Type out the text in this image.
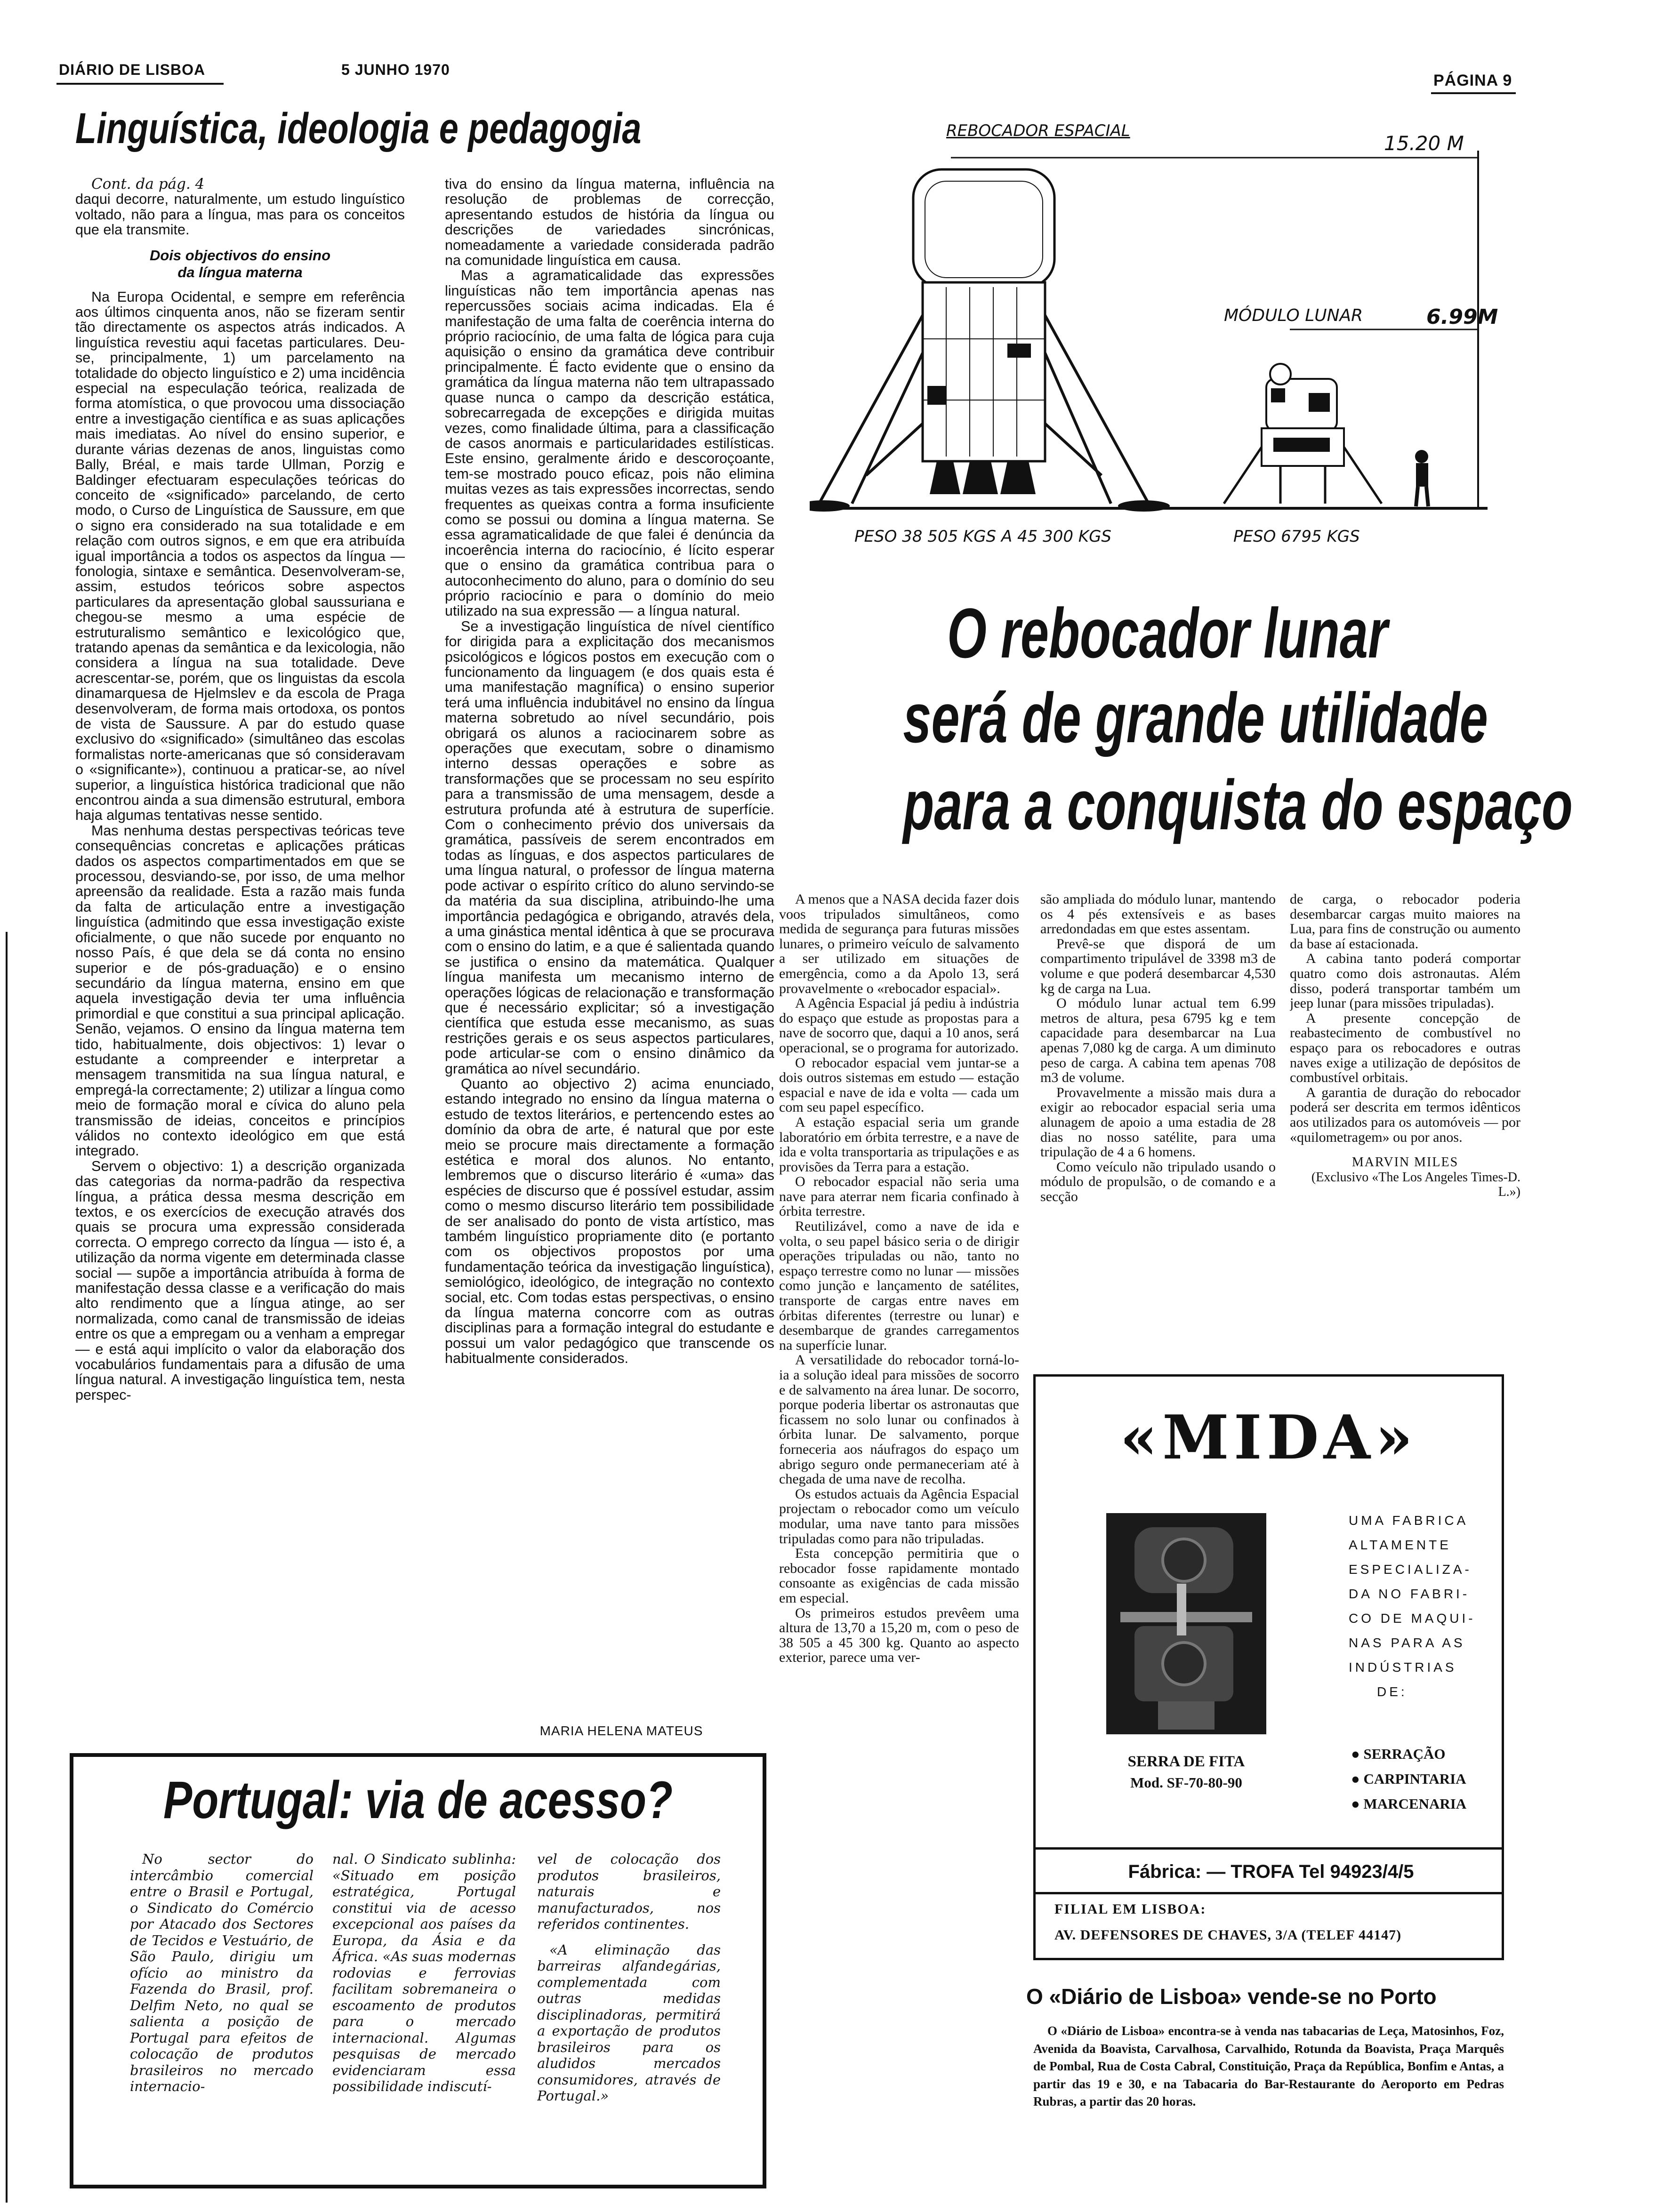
DIÁRIO DE LISBOA	5 JUNHO 1970
PÁGINA 9
Linguística, ideologia e pedagogia

Cont. da pág. 4

daqui decorre, naturalmente, um estudo linguístico voltado, não para a língua, mas para os conceitos que ela transmite.

Dois objectivos do ensino
da língua materna

Na Europa Ocidental, e sempre em referência aos últimos cinquenta anos, não se fizeram sentir tão directamente os aspectos atrás indicados. A linguística revestiu aqui facetas particulares. Deu-se, principalmente, 1) um parcelamento na totalidade do objecto linguístico e 2) uma incidência especial na especulação teórica, realizada de forma atomística, o que provocou uma dissociação entre a investigação científica e as suas aplicações mais imediatas. Ao nível do ensino superior, e durante várias dezenas de anos, linguistas como Bally, Bréal, e mais tarde Ullman, Porzig e Baldinger efectuaram especulações teóricas do conceito de «significado» parcelando, de certo modo, o Curso de Linguística de Saussure, em que o signo era considerado na sua totalidade e em relação com outros signos, e em que era atribuída igual importância a todos os aspectos da língua — fonologia, sintaxe e semântica. Desenvolveram-se, assim, estudos teóricos sobre aspectos particulares da apresentação global saussuriana e chegou-se mesmo a uma espécie de estruturalismo semântico e lexicológico que, tratando apenas da semântica e da lexicologia, não considera a língua na sua totalidade. Deve acrescentar-se, porém, que os linguistas da escola dinamarquesa de Hjelmslev e da escola de Praga desenvolveram, de forma mais ortodoxa, os pontos de vista de Saussure. A par do estudo quase exclusivo do «significado» (simultâneo das escolas formalistas norte-americanas que só consideravam o «significante»), continuou a praticar-se, ao nível superior, a linguística histórica tradicional que não encontrou ainda a sua dimensão estrutural, embora haja algumas tentativas nesse sentido.

Mas nenhuma destas perspectivas teóricas teve consequências concretas e aplicações práticas dados os aspectos compartimentados em que se processou, desviando-se, por isso, de uma melhor apreensão da realidade. Esta a razão mais funda da falta de articulação entre a investigação linguística (admitindo que essa investigação existe oficialmente, o que não sucede por enquanto no nosso País, é que dela se dá conta no ensino superior e de pós-graduação) e o ensino secundário da língua materna, ensino em que aquela investigação devia ter uma influência primordial e que constitui a sua principal aplicação. Senão, vejamos. O ensino da língua materna tem tido, habitualmente, dois objectivos: 1) levar o estudante a compreender e interpretar a mensagem transmitida na sua língua natural, e empregá-la correctamente; 2) utilizar a língua como meio de formação moral e cívica do aluno pela transmissão de ideias, conceitos e princípios válidos no contexto ideológico em que está integrado.

Servem o objectivo: 1) a descrição organizada das categorias da norma-padrão da respectiva língua, a prática dessa mesma descrição em textos, e os exercícios de execução através dos quais se procura uma expressão considerada correcta. O emprego correcto da língua — isto é, a utilização da norma vigente em determinada classe social — supõe a importância atribuída à forma de manifestação dessa classe e a verificação do mais alto rendimento que a língua atinge, ao ser normalizada, como canal de transmissão de ideias entre os que a empregam ou a venham a empregar — e está aqui implícito o valor da elaboração dos vocabulários fundamentais para a difusão de uma língua natural. A investigação linguística tem, nesta perspec-

tiva do ensino da língua materna, influência na resolução de problemas de correcção, apresentando estudos de história da língua ou descrições de variedades sincrónicas, nomeadamente a variedade considerada padrão na comunidade linguística em causa.

Mas a agramaticalidade das expressões linguísticas não tem importância apenas nas repercussões sociais acima indicadas. Ela é manifestação de uma falta de coerência interna do próprio raciocínio, de uma falta de lógica para cuja aquisição o ensino da gramática deve contribuir principalmente. É facto evidente que o ensino da gramática da língua materna não tem ultrapassado quase nunca o campo da descrição estática, sobrecarregada de excepções e dirigida muitas vezes, como finalidade última, para a classificação de casos anormais e particularidades estilísticas. Este ensino, geralmente árido e descoroçoante, tem-se mostrado pouco eficaz, pois não elimina muitas vezes as tais expressões incorrectas, sendo frequentes as queixas contra a forma insuficiente como se possui ou domina a língua materna. Se essa agramaticalidade de que falei é denúncia da incoerência interna do raciocínio, é lícito esperar que o ensino da gramática contribua para o autoconhecimento do aluno, para o domínio do seu próprio raciocínio e para o domínio do meio utilizado na sua expressão — a língua natural.

Se a investigação linguística de nível científico for dirigida para a explicitação dos mecanismos psicológicos e lógicos postos em execução com o funcionamento da linguagem (e dos quais esta é uma manifestação magnífica) o ensino superior terá uma influência indubitável no ensino da língua materna sobretudo ao nível secundário, pois obrigará os alunos a raciocinarem sobre as operações que executam, sobre o dinamismo interno dessas operações e sobre as transformações que se processam no seu espírito para a transmissão de uma mensagem, desde a estrutura profunda até à estrutura de superfície. Com o conhecimento prévio dos universais da gramática, passíveis de serem encontrados em todas as línguas, e dos aspectos particulares de uma língua natural, o professor de língua materna pode activar o espírito crítico do aluno servindo-se da matéria da sua disciplina, atribuindo-lhe uma importância pedagógica e obrigando, através dela, a uma ginástica mental idêntica à que se procurava com o ensino do latim, e a que é salientada quando se justifica o ensino da matemática. Qualquer língua manifesta um mecanismo interno de operações lógicas de relacionação e transformação que é necessário explicitar; só a investigação científica que estuda esse mecanismo, as suas restrições gerais e os seus aspectos particulares, pode articular-se com o ensino dinâmico da gramática ao nível secundário.

Quanto ao objectivo 2) acima enunciado, estando integrado no ensino da língua materna o estudo de textos literários, e pertencendo estes ao domínio da obra de arte, é natural que por este meio se procure mais directamente a formação estética e moral dos alunos. No entanto, lembremos que o discurso literário é «uma» das espécies de discurso que é possível estudar, assim como o mesmo discurso literário tem possibilidade de ser analisado do ponto de vista artístico, mas também linguístico propriamente dito (e portanto com os objectivos propostos por uma fundamentação teórica da investigação linguística), semiológico, ideológico, de integração no contexto social, etc. Com todas estas perspectivas, o ensino da língua materna concorre com as outras disciplinas para a formação integral do estudante e possui um valor pedagógico que transcende os habitualmente considerados.

MARIA HELENA MATEUS
REBOCADOR ESPACIAL
15.20 M
MÓDULO LUNAR	6.99M
PESO 38 505 KGS A 45 300 KGS	PESO 6795 KGS
O rebocador lunar
será de grande utilidade
para a conquista do espaço

A menos que a NASA decida fazer dois voos tripulados simultâneos, como medida de segurança para futuras missões lunares, o primeiro veículo de salvamento a ser utilizado em situações de emergência, como a da Apolo 13, será provavelmente o «rebocador espacial».

A Agência Espacial já pediu à indústria do espaço que estude as propostas para a nave de socorro que, daqui a 10 anos, será operacional, se o programa for autorizado.

O rebocador espacial vem juntar-se a dois outros sistemas em estudo — estação espacial e nave de ida e volta — cada um com seu papel específico.

A estação espacial seria um grande laboratório em órbita terrestre, e a nave de ida e volta transportaria as tripulações e as provisões da Terra para a estação.

O rebocador espacial não seria uma nave para aterrar nem ficaria confinado à órbita terrestre.

Reutilizável, como a nave de ida e volta, o seu papel básico seria o de dirigir operações tripuladas ou não, tanto no espaço terrestre como no lunar — missões como junção e lançamento de satélites, transporte de cargas entre naves em órbitas diferentes (terrestre ou lunar) e desembarque de grandes carregamentos na superfície lunar.

A versatilidade do rebocador torná-lo-ia a solução ideal para missões de socorro e de salvamento na área lunar. De socorro, porque poderia libertar os astronautas que ficassem no solo lunar ou confinados à órbita lunar. De salvamento, porque forneceria aos náufragos do espaço um abrigo seguro onde permaneceriam até à chegada de uma nave de recolha.

Os estudos actuais da Agência Espacial projectam o rebocador como um veículo modular, uma nave tanto para missões tripuladas como para não tripuladas.

Esta concepção permitiria que o rebocador fosse rapidamente montado consoante as exigências de cada missão em especial.

Os primeiros estudos prevêem uma altura de 13,70 a 15,20 m, com o peso de 38 505 a 45 300 kg. Quanto ao aspecto exterior, parece uma ver-

são ampliada do módulo lunar, mantendo os 4 pés extensíveis e as bases arredondadas em que estes assentam.

Prevê-se que disporá de um compartimento tripulável de 3398 m3 de volume e que poderá desembarcar 4,530 kg de carga na Lua.

O módulo lunar actual tem 6.99 metros de altura, pesa 6795 kg e tem capacidade para desembarcar na Lua apenas 7,080 kg de carga. A um diminuto peso de carga. A cabina tem apenas 708 m3 de volume.

Provavelmente a missão mais dura a exigir ao rebocador espacial seria uma alunagem de apoio a uma estadia de 28 dias no nosso satélite, para uma tripulação de 4 a 6 homens.

Como veículo não tripulado usando o módulo de propulsão, o de comando e a secção

de carga, o rebocador poderia desembarcar cargas muito maiores na Lua, para fins de construção ou aumento da base aí estacionada.

A cabina tanto poderá comportar quatro como dois astronautas. Além disso, poderá transportar também um jeep lunar (para missões tripuladas).

A presente concepção de reabastecimento de combustível no espaço para os rebocadores e outras naves exige a utilização de depósitos de combustível orbitais.

A garantia de duração do rebocador poderá ser descrita em termos idênticos aos utilizados para os automóveis — por «quilometragem» ou por anos.

MARVIN MILES
(Exclusivo «The Los Angeles Times-D. L.»)
«MIDA»
UMA FABRICA
ALTAMENTE
ESPECIALIZA-
DA NO FABRI-
CO DE MAQUI-
NAS PARA AS
INDÚSTRIAS
DE:
SERRA DE FITA
Mod. SF-70-80-90
● SERRAÇÃO
● CARPINTARIA
● MARCENARIA
Fábrica: — TROFA Tel 94923/4/5
FILIAL EM LISBOA:
AV. DEFENSORES DE CHAVES, 3/A (TELEF 44147)
O «Diário de Lisboa» vende-se no Porto

O «Diário de Lisboa» encontra-se à venda nas tabacarias de Leça, Matosinhos, Foz, Avenida da Boavista, Carvalhosa, Carvalhido, Rotunda da Boavista, Praça Marquês de Pombal, Rua de Costa Cabral, Constituição, Praça da República, Bonfim e Antas, a partir das 19 e 30, e na Tabacaria do Bar-Restaurante do Aeroporto em Pedras Rubras, a partir das 20 horas.

Portugal: via de acesso?

No sector do intercâmbio comercial entre o Brasil e Portugal, o Sindicato do Comércio por Atacado dos Sectores de Tecidos e Vestuário, de São Paulo, dirigiu um ofício ao ministro da Fazenda do Brasil, prof. Delfim Neto, no qual se salienta a posição de Portugal para efeitos de colocação de produtos brasileiros no mercado internacio-

nal. O Sindicato sublinha: «Situado em posição estratégica, Portugal constitui via de acesso excepcional aos países da Europa, da Ásia e da África. «As suas modernas rodovias e ferrovias facilitam sobremaneira o escoamento de produtos para o mercado internacional. Algumas pesquisas de mercado evidenciaram essa possibilidade indiscutí-

vel de colocação dos produtos brasileiros, naturais e manufacturados, nos referidos continentes.

«A eliminação das barreiras alfandegárias, complementada com outras medidas disciplinadoras, permitirá a exportação de produtos brasileiros para os aludidos mercados consumidores, através de Portugal.»
